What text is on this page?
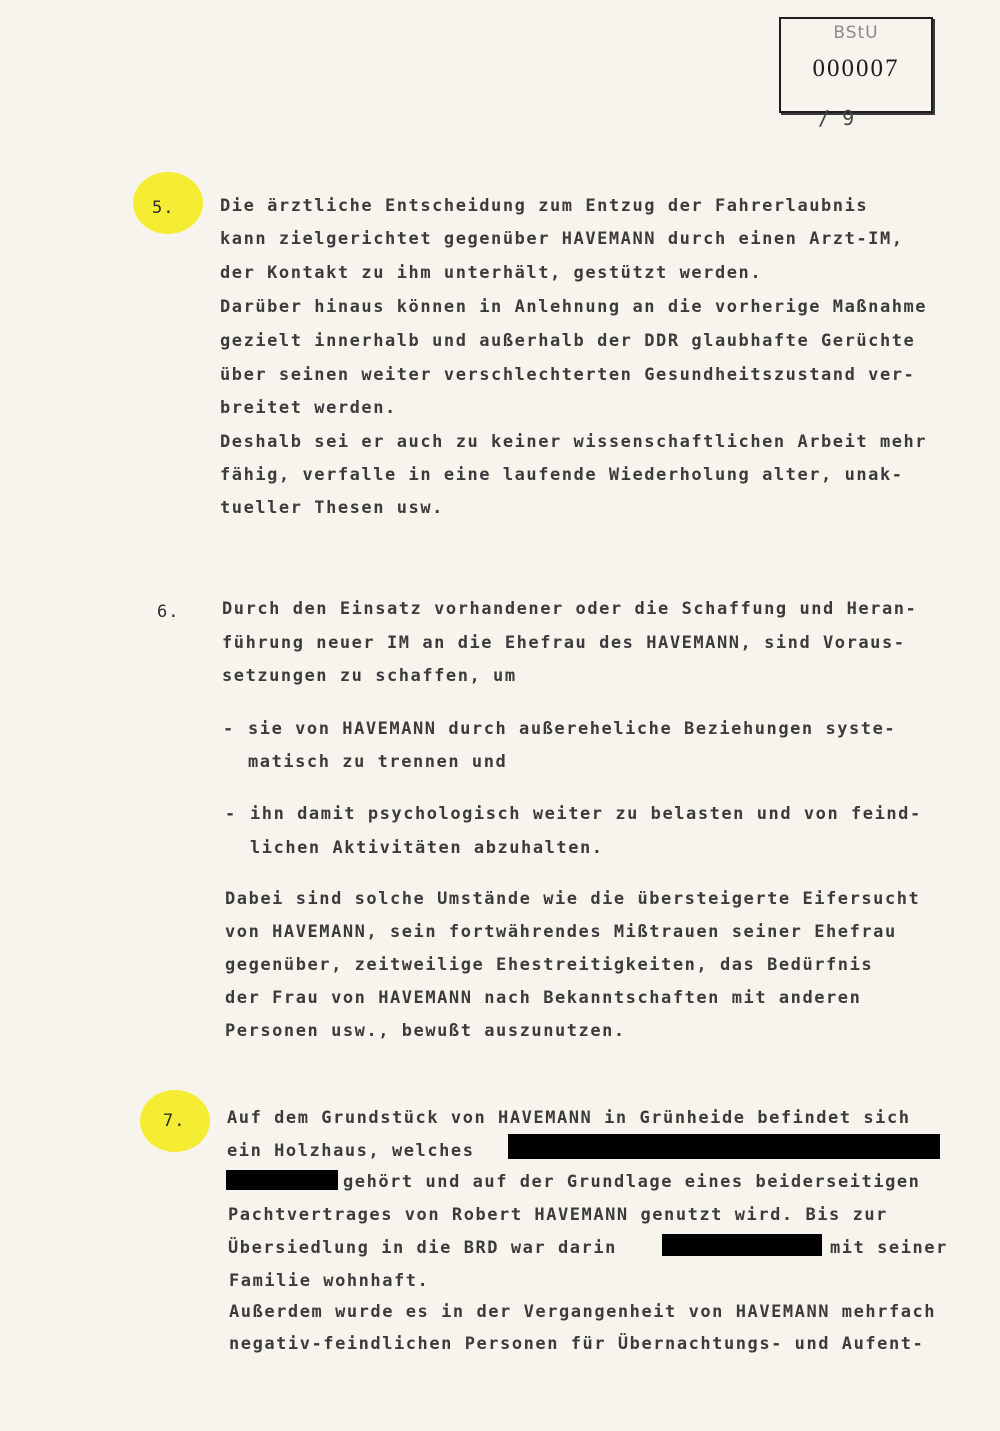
BStU
000007
/ 9
5.	Die ärztliche Entscheidung zum Entzug der Fahrerlaubnis
kann zielgerichtet gegenüber HAVEMANN durch einen Arzt-IM,
der Kontakt zu ihm unterhält, gestützt werden.
Darüber hinaus können in Anlehnung an die vorherige Maßnahme
gezielt innerhalb und außerhalb der DDR glaubhafte Gerüchte
über seinen weiter verschlechterten Gesundheitszustand ver-
breitet werden.
Deshalb sei er auch zu keiner wissenschaftlichen Arbeit mehr
fähig, verfalle in eine laufende Wiederholung alter, unak-
tueller Thesen usw.
6.	Durch den Einsatz vorhandener oder die Schaffung und Heran-
führung neuer IM an die Ehefrau des HAVEMANN, sind Voraus-
setzungen zu schaffen, um
- sie von HAVEMANN durch außereheliche Beziehungen syste-
matisch zu trennen und
- ihn damit psychologisch weiter zu belasten und von feind-
lichen Aktivitäten abzuhalten.
Dabei sind solche Umstände wie die übersteigerte Eifersucht
von HAVEMANN, sein fortwährendes Mißtrauen seiner Ehefrau
gegenüber, zeitweilige Ehestreitigkeiten, das Bedürfnis
der Frau von HAVEMANN nach Bekanntschaften mit anderen
Personen usw., bewußt auszunutzen.
7. Auf dem Grundstück von HAVEMANN in Grünheide befindet sich
ein Holzhaus, welches
gehört und auf der Grundlage eines beiderseitigen
Pachtvertrages von Robert HAVEMANN genutzt wird. Bis zur
Übersiedlung in die BRD war darin	mit seiner
Familie wohnhaft.
Außerdem wurde es in der Vergangenheit von HAVEMANN mehrfach
negativ-feindlichen Personen für Übernachtungs- und Aufent-
